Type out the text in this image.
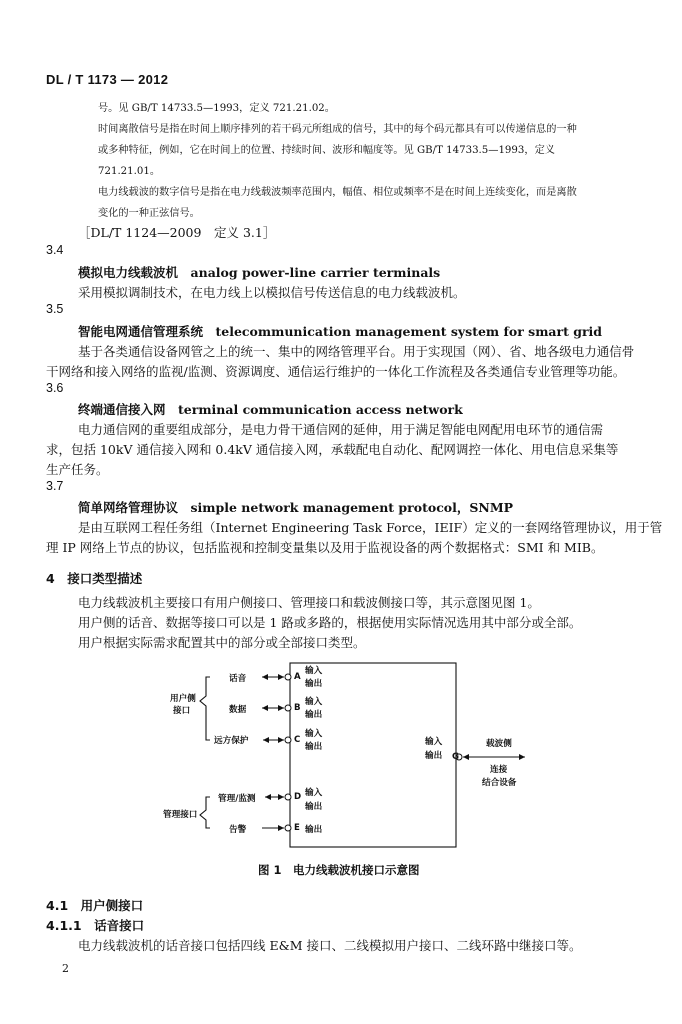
DL / T 1173 — 2012
号。见 GB/T 14733.5—1993，定义 721.21.02。
时间离散信号是指在时间上顺序排列的若干码元所组成的信号，其中的每个码元都具有可以传递信息的一种
或多种特征，例如，它在时间上的位置、持续时间、波形和幅度等。见 GB/T 14733.5—1993，定义
721.21.01。
电力线载波的数字信号是指在电力线载波频率范围内，幅值、相位或频率不是在时间上连续变化，而是离散
变化的一种正弦信号。
［DL/T 1124—2009　定义 3.1］
3.4
模拟电力线载波机　analog power-line carrier terminals
采用模拟调制技术，在电力线上以模拟信号传送信息的电力线载波机。
3.5
智能电网通信管理系统　telecommunication management system for smart grid
基于各类通信设备网管之上的统一、集中的网络管理平台。用于实现国（网）、省、地各级电力通信骨
干网络和接入网络的监视/监测、资源调度、通信运行维护的一体化工作流程及各类通信专业管理等功能。
3.6
终端通信接入网　terminal communication access network
电力通信网的重要组成部分，是电力骨干通信网的延伸，用于满足智能电网配用电环节的通信需
求，包括 10kV 通信接入网和 0.4kV 通信接入网，承载配电自动化、配网调控一体化、用电信息采集等
生产任务。
3.7
简单网络管理协议　simple network management protocol，SNMP
是由互联网工程任务组（Internet Engineering Task Force，IEIF）定义的一套网络管理协议，用于管
理 IP 网络上节点的协议，包括监视和控制变量集以及用于监视设备的两个数据格式：SMI 和 MIB。
4　接口类型描述
电力线载波机主要接口有用户侧接口、管理接口和载波侧接口等，其示意图见图 1。
用户侧的话音、数据等接口可以是 1 路或多路的，根据使用实际情况选用其中部分或全部。
用户根据实际需求配置其中的部分或全部接口类型。
用户侧
接口
管理接口
话音
数据
远方保护
管理/监测
告警
A
B
C
D
E
G
输入
输出
输入
输出
输入
输出
输入
输出
输出
输入
输出
载波侧
连接
结合设备
图 1　电力线载波机接口示意图
4.1　用户侧接口
4.1.1　话音接口
电力线载波机的话音接口包括四线 E&M 接口、二线模拟用户接口、二线环路中继接口等。
2
